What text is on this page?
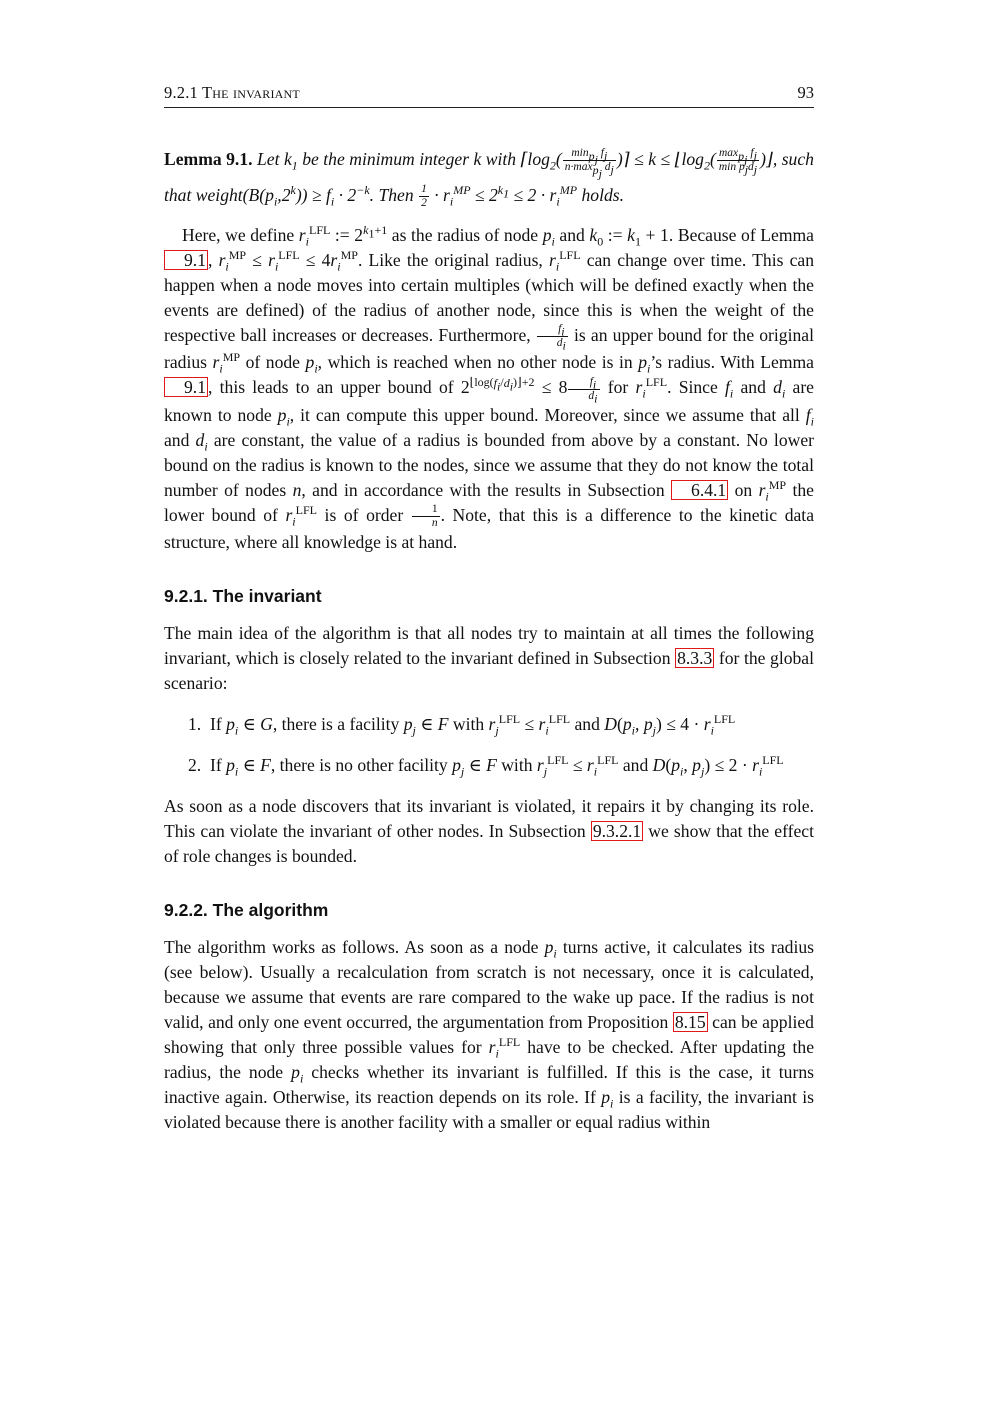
9.2.1 The invariant	93

Lemma 9.1. Let $k_1$ be the minimum integer k with $⌈\log_2( \frac{\min_{p_j} f_j}{n\cdot\max_{p_j} d_j}$ )⌉ ≤ $k \le ⌊\log_2( \frac{\max_{p_j} f_j}{\min p_jd_j}$ )⌋, such that $weight(B(p_i,2^k)) \ge f_i \cdot 2^{-k}$. Then $\frac{1}{2} \cdot r_i^{MP} \le 2^{k_1} \le 2 \cdot r_i^{MP}$ holds.

Here, we define $r_i^{LFL}$ := $2^{k_1+1}$ as the radius of node $p_i$ and $k_0$ := $k_1 + 1$. Because of Lemma 9.1 , $r_i^{MP} \le r_i^{LFL} \le 4r_i^{MP}$. Like the original radius, $r_i^{LFL}$ can change over time. This can happen when a node moves into certain multiples (which will be defined exactly when the events are defined) of the radius of another node, since this is when the weight of the respective ball increases or decreases. Furthermore, $\frac{f_i}{d_i}$ is an upper bound for the original radius $r_i^{MP}$ of node $p_i$, which is reached when no other node is in $p_i’s$ radius. With Lemma 9.1 , this leads to an upper bound of $2^{⌊log(f_i/d_i)⌋+2} \le 8 \frac{f_i}{d_i}$ for $r_i^{LFL}$. Since $f_i$ and $d_i$ are known to node $p_i$, it can compute this upper bound. Moreover, since we assume that all $f_i$ and $d_i$ are constant, the value of a radius is bounded from above by a constant. No lower bound on the radius is known to the nodes, since we assume that they do not know the total number of nodes n, and in accordance with the results in Subsection 6.4.1 on $r_i^{MP}$ the lower bound of $r_i^{LFL}$ is of order $\frac{1}{n}$ . Note, that this is a difference to the kinetic data structure, where all knowledge is at hand.

9.2.1. The invariant

The main idea of the algorithm is that all nodes try to maintain at all times the following invariant, which is closely related to the invariant defined in Subsection 8.3.3 for the global scenario:

1. If $p_i$ ∈ G, there is a facility $p_j$ ∈ F with $r_j^{LFL} \le r_i^{LFL}$ and $D(p_i$, $p_j) \le 4 \cdot r_i^{LFL}$
2. If $p_i$ ∈ F, there is no other facility $p_j$ ∈ F with $r_j^{LFL} \le r_i^{LFL}$ and $D(p_i$, $p_j) \le 2 \cdot r_i^{LFL}$

As soon as a node discovers that its invariant is violated, it repairs it by changing its role. This can violate the invariant of other nodes. In Subsection 9.3.2.1 we show that the effect of role changes is bounded.

9.2.2. The algorithm

The algorithm works as follows. As soon as a node $p_i$ turns active, it calculates its radius (see below). Usually a recalculation from scratch is not necessary, once it is calculated, because we assume that events are rare compared to the wake up pace. If the radius is not valid, and only one event occurred, the argumentation from Proposition 8.15 can be applied showing that only three possible values for $r_i^{LFL}$ have to be checked. After updating the radius, the node $p_i$ checks whether its invariant is fulfilled. If this is the case, it turns inactive again. Otherwise, its reaction depends on its role. If $p_i$ is a facility, the invariant is violated because there is another facility with a smaller or equal radius within
